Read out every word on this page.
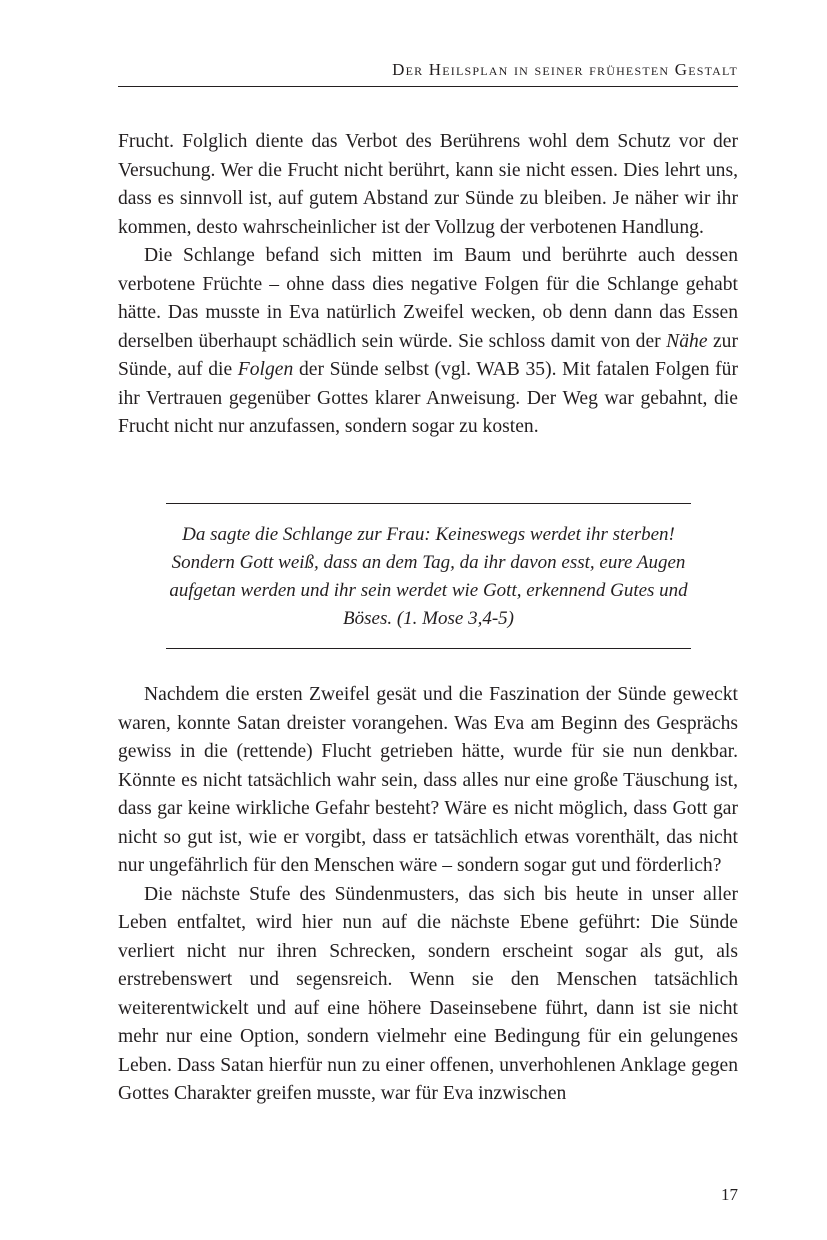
Der Heilsplan in seiner frühesten Gestalt

Frucht. Folglich diente das Verbot des Berührens wohl dem Schutz vor der Versuchung. Wer die Frucht nicht berührt, kann sie nicht essen. Dies lehrt uns, dass es sinnvoll ist, auf gutem Abstand zur Sünde zu bleiben. Je näher wir ihr kommen, desto wahrscheinlicher ist der Vollzug der verbotenen Handlung.

Die Schlange befand sich mitten im Baum und berührte auch dessen verbotene Früchte – ohne dass dies negative Folgen für die Schlange gehabt hätte. Das musste in Eva natürlich Zweifel wecken, ob denn dann das Essen derselben überhaupt schädlich sein würde. Sie schloss damit von der Nähe zur Sünde, auf die Folgen der Sünde selbst (vgl. WAB 35). Mit fatalen Folgen für ihr Vertrauen gegenüber Gottes klarer Anweisung. Der Weg war gebahnt, die Frucht nicht nur anzufassen, sondern sogar zu kosten.

Da sagte die Schlange zur Frau: Keineswegs werdet ihr sterben! Sondern Gott weiß, dass an dem Tag, da ihr davon esst, eure Augen aufgetan werden und ihr sein werdet wie Gott, erkennend Gutes und Böses. (1. Mose 3,4-5)

Nachdem die ersten Zweifel gesät und die Faszination der Sünde geweckt waren, konnte Satan dreister vorangehen. Was Eva am Beginn des Gesprächs gewiss in die (rettende) Flucht getrieben hätte, wurde für sie nun denkbar. Könnte es nicht tatsächlich wahr sein, dass alles nur eine große Täuschung ist, dass gar keine wirkliche Gefahr besteht? Wäre es nicht möglich, dass Gott gar nicht so gut ist, wie er vorgibt, dass er tatsächlich etwas vorenthält, das nicht nur ungefährlich für den Menschen wäre – sondern sogar gut und förderlich?

Die nächste Stufe des Sündenmusters, das sich bis heute in unser aller Leben entfaltet, wird hier nun auf die nächste Ebene geführt: Die Sünde verliert nicht nur ihren Schrecken, sondern erscheint sogar als gut, als erstrebenswert und segensreich. Wenn sie den Menschen tatsächlich weiterentwickelt und auf eine höhere Daseinsebene führt, dann ist sie nicht mehr nur eine Option, sondern vielmehr eine Bedingung für ein gelungenes Leben. Dass Satan hierfür nun zu einer offenen, unverhohlenen Anklage gegen Gottes Charakter greifen musste, war für Eva inzwischen

17
